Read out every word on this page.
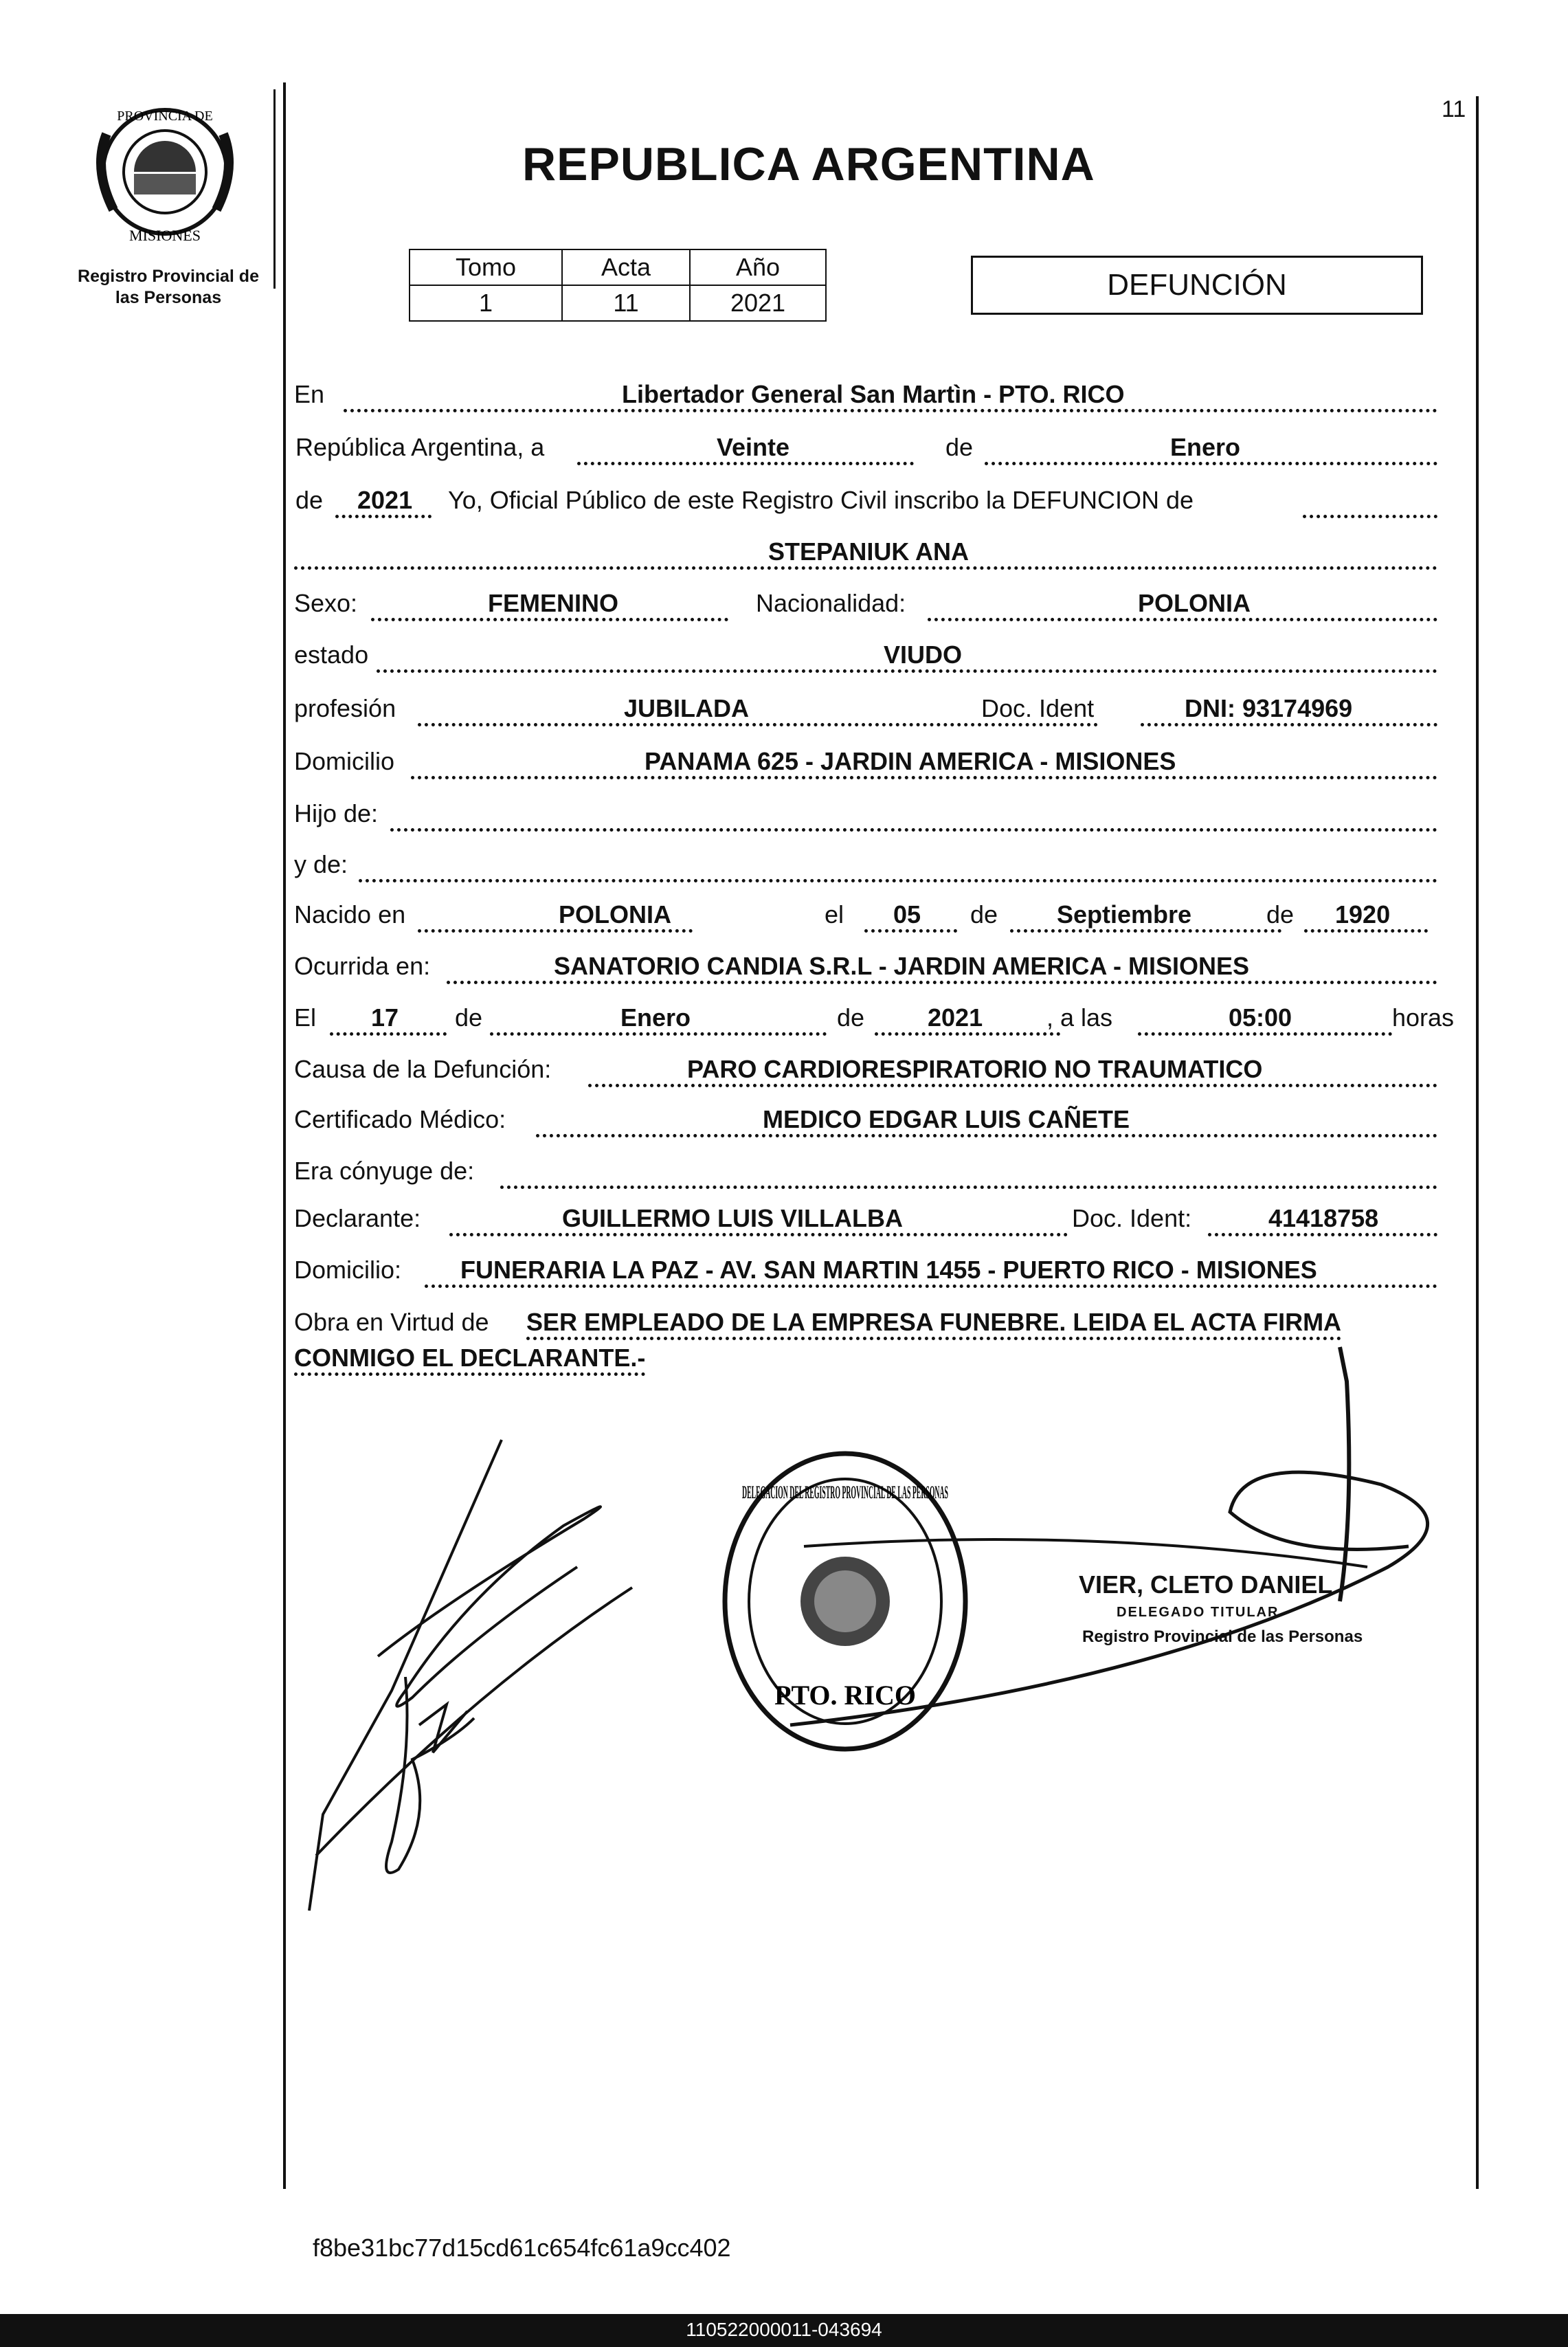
PROVINCIA DE
MISIONES
Registro Provincial de
las Personas
11
REPUBLICA ARGENTINA
Tomo	Acta	Año
1	11	2021
DEFUNCIÓN
En	Libertador General San Martìn - PTO. RICO
República Argentina, a	Veinte	de	Enero
de 2021 Yo, Oficial Público de este Registro Civil inscribo la DEFUNCION de
STEPANIUK ANA
Sexo:	FEMENINO	Nacionalidad:	POLONIA
estado	VIUDO
profesión	JUBILADA	Doc. Ident	DNI: 93174969
Domicilio	PANAMA 625 - JARDIN AMERICA - MISIONES
Hijo de:
y de:
Nacido en	POLONIA	el 05 de Septiembre	de 1920
Ocurrida en:	SANATORIO CANDIA S.R.L - JARDIN AMERICA - MISIONES
El 17 de	Enero	de	2021	, a las	05:00	horas
Causa de la Defunción:	PARO CARDIORESPIRATORIO NO TRAUMATICO
Certificado Médico:	MEDICO EDGAR LUIS CAÑETE
Era cónyuge de:
Declarante:	GUILLERMO LUIS VILLALBA	Doc. Ident:	41418758
Domicilio: FUNERARIA LA PAZ - AV. SAN MARTIN 1455 - PUERTO RICO - MISIONES
Obra en Virtud de SER EMPLEADO DE LA EMPRESA FUNEBRE. LEIDA EL ACTA FIRMA
CONMIGO EL DECLARANTE.-
DELEGACION DEL REGISTRO PROVINCIAL DE LAS PERSONAS
PTO. RICO
VIER, CLETO DANIEL
DELEGADO TITULAR
Registro Provincial de las Personas
f8be31bc77d15cd61c654fc61a9cc402
110522000011-043694
